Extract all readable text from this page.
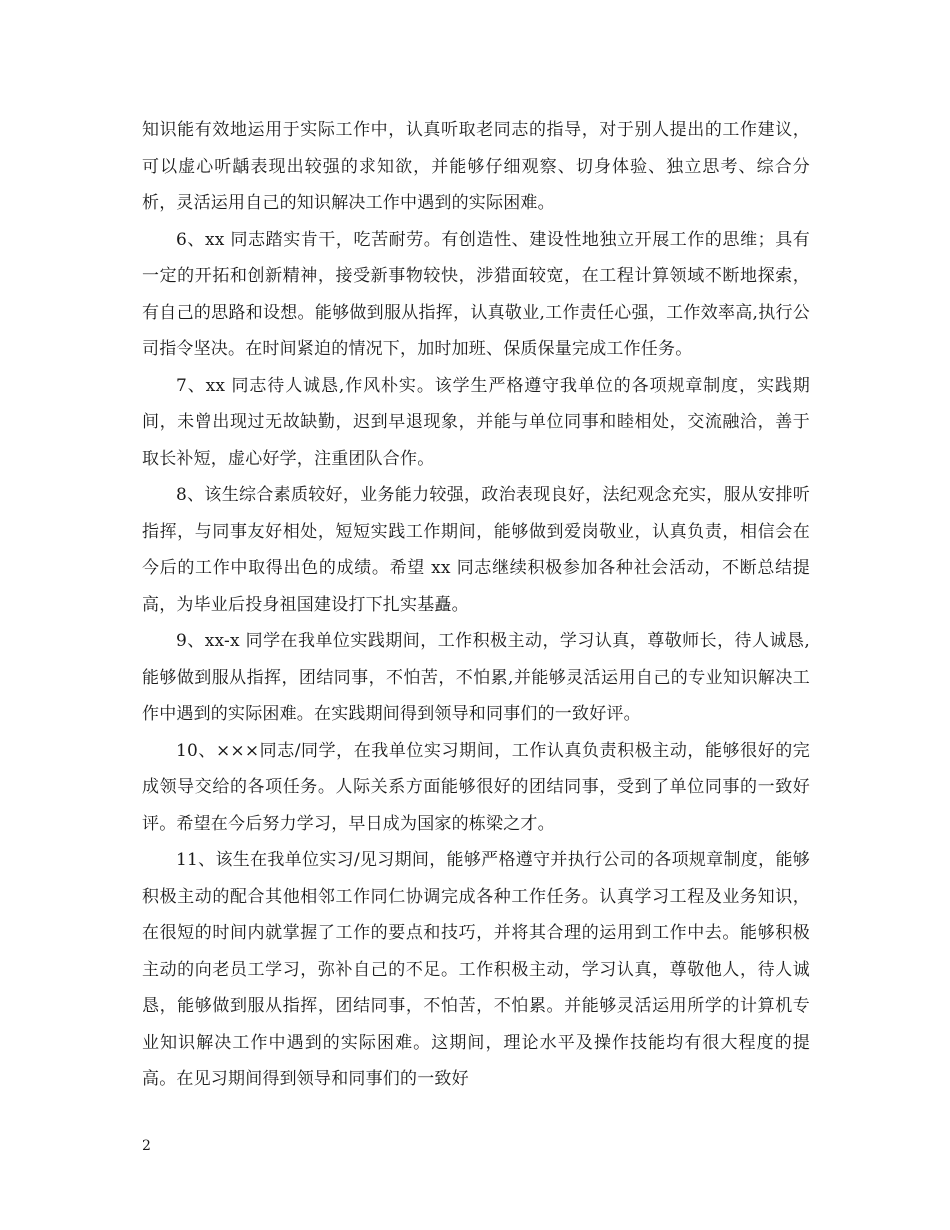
知识能有效地运用于实际工作中，认真听取老同志的指导，对于别人提出的工作建议，可以虚心听龋表现出较强的求知欲，并能够仔细观察、切身体验、独立思考、综合分析，灵活运用自己的知识解决工作中遇到的实际困难。

6、xx 同志踏实肯干，吃苦耐劳。有创造性、建设性地独立开展工作的思维；具有一定的开拓和创新精神，接受新事物较快，涉猎面较宽，在工程计算领域不断地探索，有自己的思路和设想。能够做到服从指挥，认真敬业,工作责任心强，工作效率高,执行公司指令坚决。在时间紧迫的情况下，加时加班、保质保量完成工作任务。

7、xx 同志待人诚恳,作风朴实。该学生严格遵守我单位的各项规章制度，实践期间，未曾出现过无故缺勤，迟到早退现象，并能与单位同事和睦相处，交流融洽，善于取长补短，虚心好学，注重团队合作。

8、该生综合素质较好，业务能力较强，政治表现良好，法纪观念充实，服从安排听指挥，与同事友好相处，短短实践工作期间，能够做到爱岗敬业，认真负责，相信会在今后的工作中取得出色的成绩。希望 xx 同志继续积极参加各种社会活动，不断总结提高，为毕业后投身祖国建设打下扎实基矗。

9、xx-x 同学在我单位实践期间，工作积极主动，学习认真，尊敬师长，待人诚恳,能够做到服从指挥，团结同事，不怕苦，不怕累,并能够灵活运用自己的专业知识解决工作中遇到的实际困难。在实践期间得到领导和同事们的一致好评。

10、×××同志/同学，在我单位实习期间，工作认真负责积极主动，能够很好的完成领导交给的各项任务。人际关系方面能够很好的团结同事，受到了单位同事的一致好评。希望在今后努力学习，早日成为国家的栋梁之才。

11、该生在我单位实习/见习期间，能够严格遵守并执行公司的各项规章制度，能够积极主动的配合其他相邻工作同仁协调完成各种工作任务。认真学习工程及业务知识，在很短的时间内就掌握了工作的要点和技巧，并将其合理的运用到工作中去。能够积极主动的向老员工学习，弥补自己的不足。工作积极主动，学习认真，尊敬他人，待人诚恳，能够做到服从指挥，团结同事，不怕苦，不怕累。并能够灵活运用所学的计算机专业知识解决工作中遇到的实际困难。这期间，理论水平及操作技能均有很大程度的提高。在见习期间得到领导和同事们的一致好

2
